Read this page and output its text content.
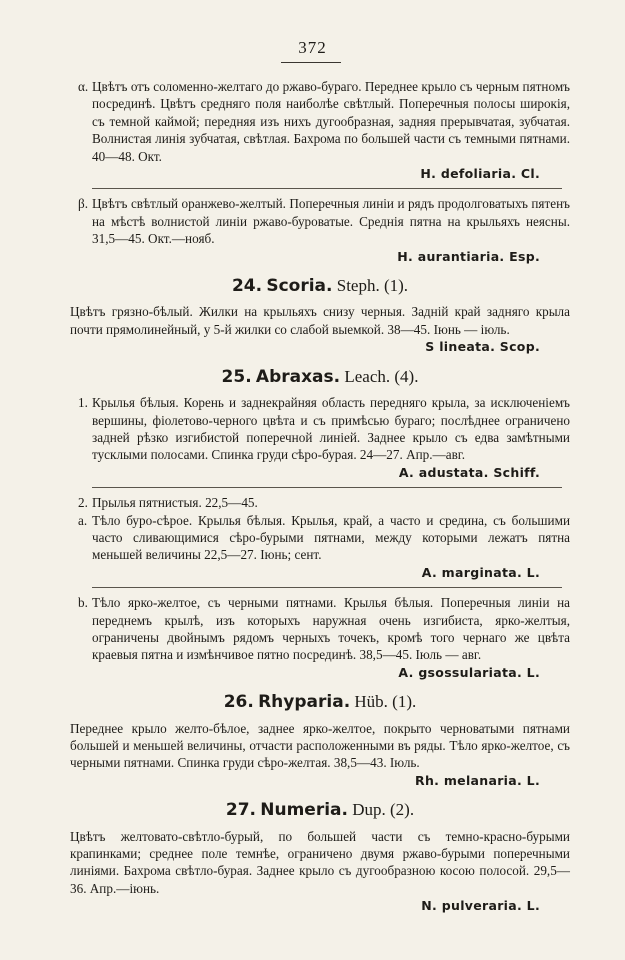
372
α. Цвѣтъ отъ соломенно-желтаго до ржаво-бураго. Переднее крыло съ черным пятномъ посрединѣ. Цвѣтъ средняго поля наиболѣе свѣтлый. Поперечныя полосы широкія, съ темной каймой; передняя изъ нихъ дугообразная, задняя прерывчатая, зубчатая. Волнистая линія зубчатая, свѣтлая. Бахрома по большей части съ темными пятнами. 40—48. Окт.

H. defoliaria. Cl.
β. Цвѣтъ свѣтлый оранжево-желтый. Поперечныя линіи и рядъ продолговатыхъ пятенъ на мѣстѣ волнистой линіи ржаво-буроватые. Среднія пятна на крыльяхъ неясны. 31,5—45. Окт.—нояб.

H. aurantiaria. Esp.
24. Scoria. Steph. (1).

Цвѣтъ грязно-бѣлый. Жилки на крыльяхъ снизу черныя. Задній край задняго крыла почти прямолинейный, у 5-й жилки со слабой выемкой. 38—45. Іюнь — іюль.

S lineata. Scop.
25. Abraxas. Leach. (4).
1. Крылья бѣлыя. Корень и заднекрайняя область передняго крыла, за исключеніемъ вершины, фіолетово-черного цвѣта и съ примѣсью бураго; послѣднее ограничено задней рѣзко изгибистой поперечной линіей. Заднее крыло съ едва замѣтными тусклыми полосами. Спинка груди сѣро-бурая. 24—27. Апр.—авг.

A. adustata. Schiff.
2. Прылья пятнистыя. 22,5—45.

a. Тѣло буро-сѣрое. Крылья бѣлыя. Крылья, край, а часто и средина, съ большими часто сливающимися сѣро-бурыми пятнами, между которыми лежатъ пятна меньшей величины 22,5—27. Іюнь; сент.

A. marginata. L.
b. Тѣло ярко-желтое, съ черными пятнами. Крылья бѣлыя. Поперечныя линіи на переднемъ крылѣ, изъ которыхъ наружная очень изгибиста, ярко-желтыя, ограничены двойнымъ рядомъ черныхъ точекъ, кромѣ того чернаго же цвѣта краевыя пятна и измѣнчивое пятно посрединѣ. 38,5—45. Іюль — авг.

A. gsossulariata. L.
26. Rhyparia. Hüb. (1).

Переднее крыло желто-бѣлое, заднее ярко-желтое, покрыто черноватыми пятнами большей и меньшей величины, отчасти расположенными въ ряды. Тѣло ярко-желтое, съ черными пятнами. Спинка груди сѣро-желтая. 38,5—43. Іюль.

Rh. melanaria. L.
27. Numeria. Dup. (2).

Цвѣтъ желтовато-свѣтло-бурый, по большей части съ темно-красно-бурыми крапинками; среднее поле темнѣе, ограничено двумя ржаво-бурыми поперечными линіями. Бахрома свѣтло-бурая. Заднее крыло съ дугообразною косою полосой. 29,5—36. Апр.—іюнь.

N. pulveraria. L.
